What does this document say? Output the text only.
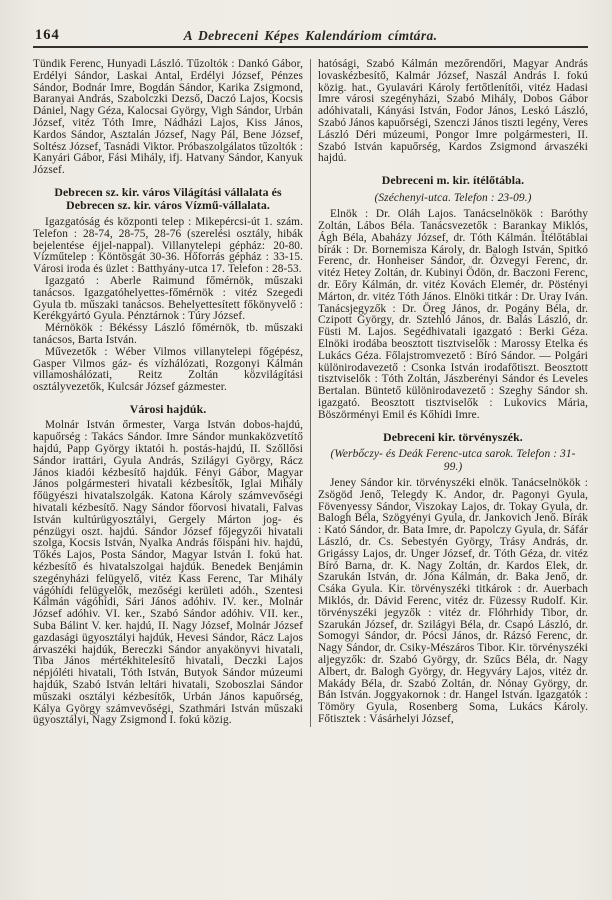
164	A Debreceni Képes Kalendáriom címtára.

Tündik Ferenc, Hunyadi László. Tűzoltók : Dankó Gábor, Erdélyi Sándor, Laskai Antal, Erdélyi József, Pénzes Sándor, Bodnár Imre, Bogdán Sándor, Karika Zsigmond, Baranyai András, Szabolczki Dezső, Daczó Lajos, Kocsis Dániel, Nagy Géza, Kalocsai György, Vigh Sándor, Urbán József, vitéz Tóth Imre, Nádházi Lajos, Kiss János, Kardos Sándor, Asztalán József, Nagy Pál, Bene József, Soltész József, Tasnádi Viktor. Próbaszolgálatos tűzoltók : Kanyári Gábor, Fási Mihály, ifj. Hatvany Sándor, Kanyuk József.

Debrecen sz. kir. város Világítási vállalata és Debrecen sz. kir. város Vízmű-vállalata.

Igazgatóság és központi telep : Mikepércsi-út 1. szám. Telefon : 28-74, 28-75, 28-76 (szerelési osztály, hibák bejelentése éjjel-nappal). Villanytelepi gépház: 20-80. Vízműtelep : Köntösgát 30-36. Hőforrás gépház : 33-15. Városi iroda és üzlet : Batthyány-utca 17. Telefon : 28-53.

Igazgató : Aberle Raimund főmérnök, műszaki tanácsos. Igazgatóhelyettes-főmérnök : vitéz Szegedi Gyula tb. műszaki tanácsos. Behelyettesített főkönyvelő : Kerékgyártó Gyula. Pénztárnok : Túry József.

Mérnökök : Békéssy László főmérnök, tb. műszaki tanácsos, Barta István.

Művezetők : Wéber Vilmos villanytelepi főgépész, Gasper Vilmos gáz- és vízhálózati, Rozgonyi Kálmán villamoshálózati, Reitz Zoltán közvilágítási osztályvezetők, Kulcsár József gázmester.

Városi hajdúk.

Molnár István őrmester, Varga István dobos-hajdú, kapuőrség : Takács Sándor. Imre Sándor munkaközvetítő hajdú, Papp György iktatói h. postás-hajdú, II. Szőllősi Sándor irattári, Gyula András, Szilágyi György, Rácz János kiadói kézbesítő hajdúk. Fényi Gábor, Magyar János polgármesteri hivatali kézbesítők, Iglai Mihály főügyészi hivatalszolgák. Katona Károly számvevőségi hivatali kézbesítő. Nagy Sándor főorvosi hivatali, Falvas István kultúrügyosztályi, Gergely Márton jog- és pénzügyi oszt. hajdú. Sándor József főjegyzői hivatali szolga, Kocsis István, Nyalka András főispáni hiv. hajdú, Tőkés Lajos, Posta Sándor, Magyar István I. fokú hat. kézbesítő és hivatalszolgai hajdúk. Benedek Benjámin szegényházi felügyelő, vitéz Kass Ferenc, Tar Mihály vágóhídi felügyelők, mezőségi kerületi adóh., Szentesi Kálmán vágóhídi, Sári János adóhiv. IV. ker., Molnár József adóhiv. VI. ker., Szabó Sándor adóhiv. VII. ker., Suba Bálint V. ker. hajdú, II. Nagy József, Molnár József gazdasági ügyosztályi hajdúk, Hevesi Sándor, Rácz Lajos árvaszéki hajdúk, Bereczki Sándor anyakönyvi hivatali, Tiba János mértékhitelesítő hivatali, Deczki Lajos népjóléti hivatali, Tóth István, Butyok Sándor múzeumi hajdúk, Szabó István leltári hivatali, Szoboszlai Sándor műszaki osztályi kézbesítők, Urbán János kapuőrség, Kálya György számvevőségi, Szathmári István műszaki ügyosztályi, Nagy Zsigmond I. fokú közig.

hatósági, Szabó Kálmán mezőrendőri, Magyar András lovaskézbesítő, Kalmár József, Naszál András I. fokú közig. hat., Gyulavári Károly fertőtlenítői, vitéz Hadasi Imre városi szegényházi, Szabó Mihály, Dobos Gábor adóhivatali, Kányási István, Fodor János, Leskó László, Szabó János kapuőrségi, Szenczi János tiszti legény, Veres László Déri múzeumi, Pongor Imre polgármesteri, II. Szabó István kapuőrség, Kardos Zsigmond árvaszéki hajdú.

Debreceni m. kir. ítélőtábla.

(Széchenyi-utca. Telefon : 23-09.)

Elnök : Dr. Oláh Lajos. Tanácselnökök : Baróthy Zoltán, Lábos Béla. Tanácsvezetők : Barankay Miklós, Ágh Béla, Abaházy József, dr. Tóth Kálmán. Ítélőtáblai bírák : Dr. Bornemisza Károly, dr. Balogh István, Spitkó Ferenc, dr. Honheiser Sándor, dr. Özvegyi Ferenc, dr. vitéz Hetey Zoltán, dr. Kubinyi Ödön, dr. Baczoni Ferenc, dr. Eőry Kálmán, dr. vitéz Kovách Elemér, dr. Pöstényi Márton, dr. vitéz Tóth János. Elnöki titkár : Dr. Uray Iván. Tanácsjegyzők : Dr. Öreg János, dr. Pogány Béla, dr. Czipott György, dr. Sztehló János, dr. Balás László, dr. Füsti M. Lajos. Segédhivatali igazgató : Berki Géza. Elnöki irodába beosztott tisztviselők : Marossy Etelka és Lukács Géza. Főlajstromvezető : Bíró Sándor. — Polgári különirodavezető : Csonka István irodafőtiszt. Beosztott tisztviselők : Tóth Zoltán, Jászberényi Sándor és Leveles Bertalan. Büntető különirodavezető : Szeghy Sándor sh. igazgató. Beosztott tisztviselők : Lukovics Mária, Böszörményi Emil és Kőhídi Imre.

Debreceni kir. törvényszék.

(Werbőczy- és Deák Ferenc-utca sarok. Telefon : 31-99.)

Jeney Sándor kir. törvényszéki elnök. Tanácselnökök : Zsögöd Jenő, Telegdy K. Andor, dr. Pagonyi Gyula, Fövenyessy Sándor, Viszokay Lajos, dr. Tokay Gyula, dr. Balogh Béla, Szögyényi Gyula, dr. Jankovich Jenő. Bírák : Kató Sándor, dr. Bata Imre, dr. Papolczy Gyula, dr. Sáfár László, dr. Cs. Sebestyén György, Trásy András, dr. Grigássy Lajos, dr. Unger József, dr. Tóth Géza, dr. vitéz Bíró Barna, dr. K. Nagy Zoltán, dr. Kardos Elek, dr. Szarukán István, dr. Jóna Kálmán, dr. Baka Jenő, dr. Csáka Gyula. Kir. törvényszéki titkárok : dr. Auerbach Miklós, dr. Dávid Ferenc, vitéz dr. Füzessy Rudolf. Kir. törvényszéki jegyzők : vitéz dr. Flóhrhidy Tibor, dr. Szarukán József, dr. Szilágyi Béla, dr. Csapó László, dr. Somogyi Sándor, dr. Pócsi János, dr. Rázsó Ferenc, dr. Nagy Sándor, dr. Csiky-Mészáros Tibor. Kir. törvényszéki aljegyzők: dr. Szabó György, dr. Szűcs Béla, dr. Nagy Albert, dr. Balogh György, dr. Hegyváry Lajos, vitéz dr. Makády Béla, dr. Szabó Zoltán, dr. Nónay György, dr. Bán István. Joggyakornok : dr. Hangel István. Igazgatók : Tömöry Gyula, Rosenberg Soma, Lukács Károly. Főtisztek : Vásárhelyi József,
